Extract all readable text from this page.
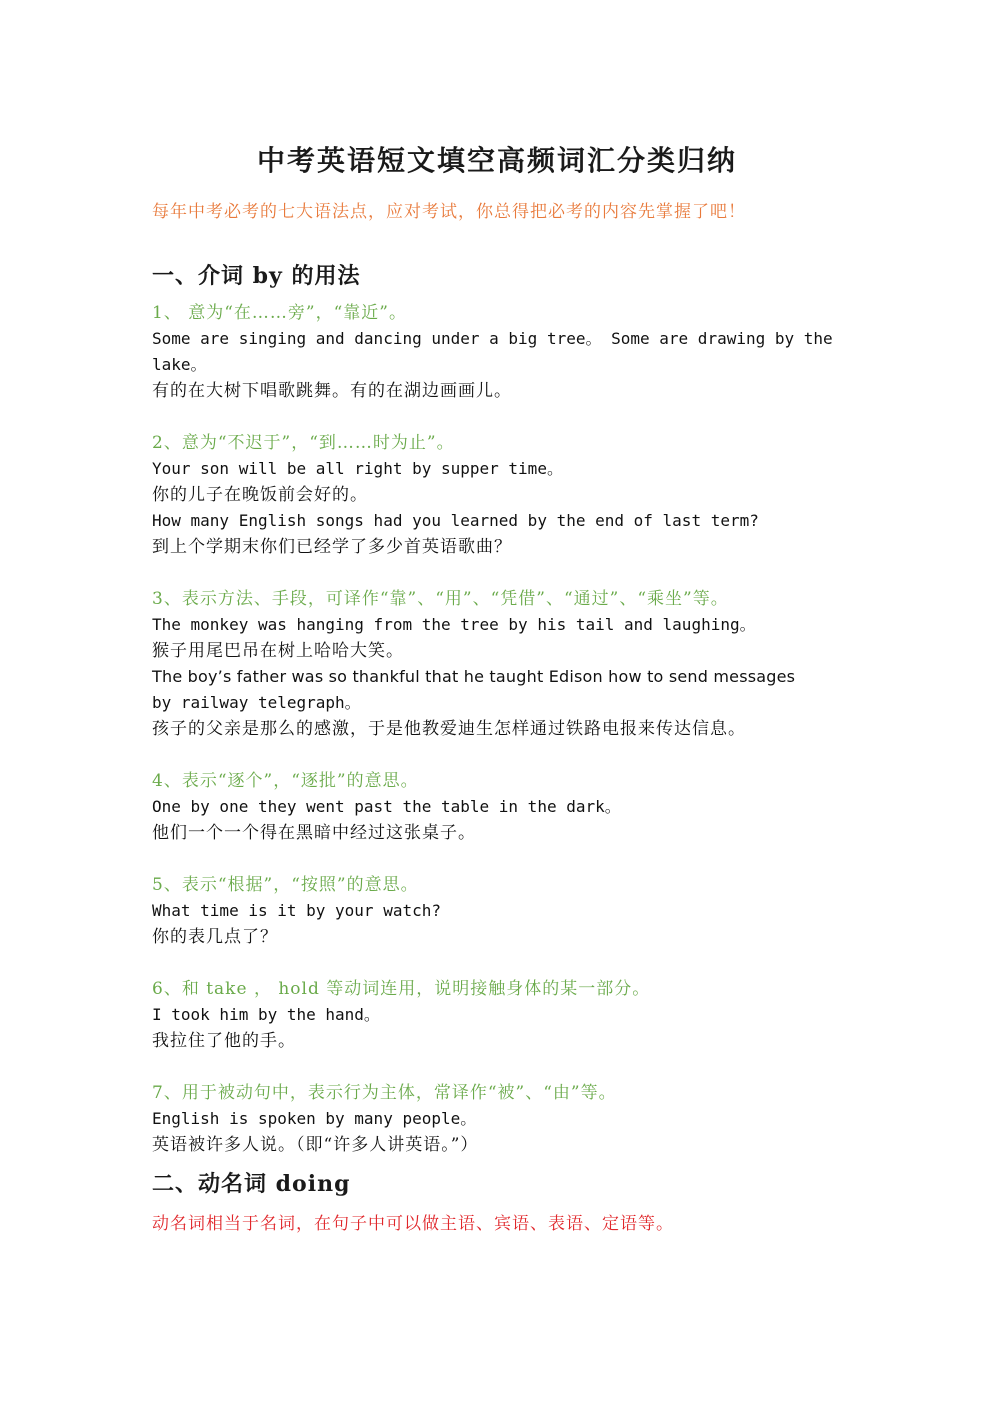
中考英语短文填空高频词汇分类归纳
每年中考必考的七大语法点，应对考试，你总得把必考的内容先掌握了吧！
一、介词 by 的用法
1、 意为“在……旁”，“靠近”。
Some are singing and dancing under a big tree。 Some are drawing by the
lake。
有的在大树下唱歌跳舞。有的在湖边画画儿。
2、意为“不迟于”，“到……时为止”。
Your son will be all right by supper time。
你的儿子在晚饭前会好的。
How many English songs had you learned by the end of last term?
到上个学期末你们已经学了多少首英语歌曲？
3、表示方法、手段，可译作“靠”、“用”、“凭借”、“通过”、“乘坐”等。
The monkey was hanging from the tree by his tail and laughing。
猴子用尾巴吊在树上哈哈大笑。
The boy’s father was so thankful that he taught Edison how to send messages
by railway telegraph。
孩子的父亲是那么的感激，于是他教爱迪生怎样通过铁路电报来传达信息。
4、表示“逐个”，“逐批”的意思。
One by one they went past the table in the dark。
他们一个一个得在黑暗中经过这张桌子。
5、表示“根据”，“按照”的意思。
What time is it by your watch?
你的表几点了？
6、和 take ， hold 等动词连用，说明接触身体的某一部分。
I took him by the hand。
我拉住了他的手。
7、用于被动句中，表示行为主体，常译作“被”、“由”等。
English is spoken by many people。
英语被许多人说。（即“许多人讲英语。”）
二、动名词 doing
动名词相当于名词，在句子中可以做主语、宾语、表语、定语等。
